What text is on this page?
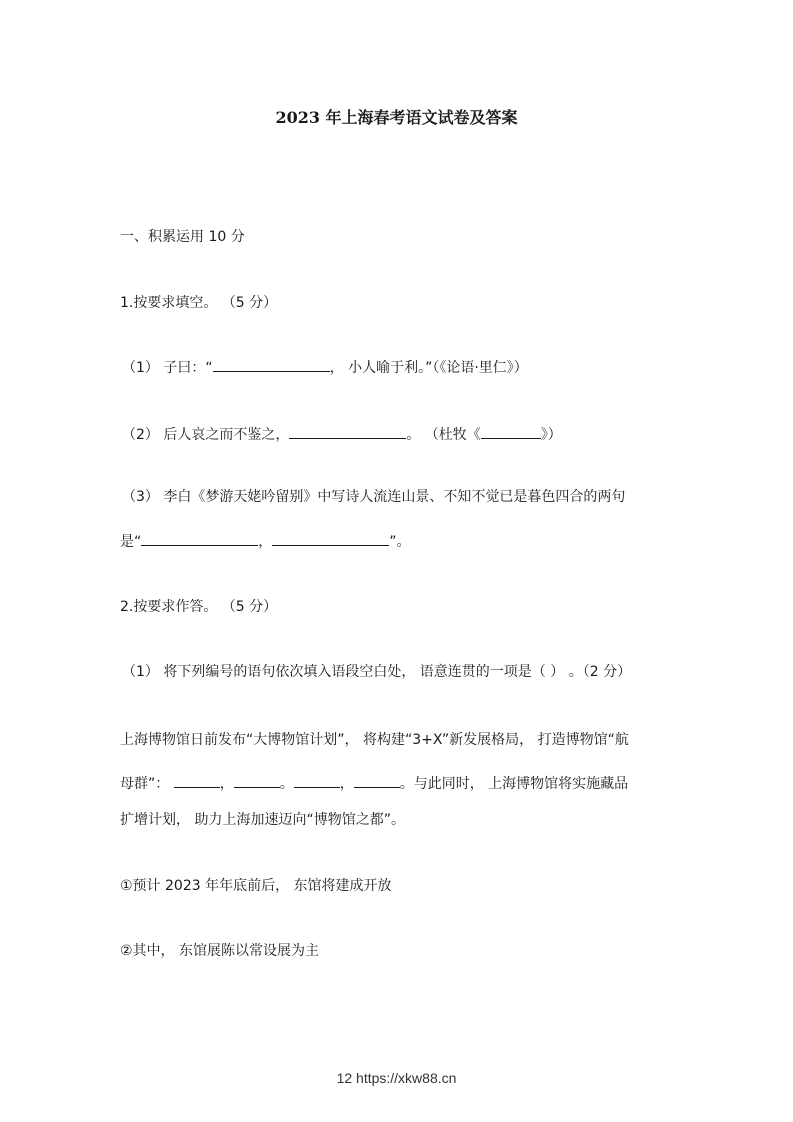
2023 年上海春考语文试卷及答案
一、积累运用 10 分
1.按要求填空。 （5 分）
（1） 子曰：“	， 小人喻于利。”（《论语·里仁》）
（2） 后人哀之而不鉴之，	。 （杜牧《	》）
（3） 李白《梦游天姥吟留别》中写诗人流连山景、不知不觉已是暮色四合的两句
是“	，	”。
2.按要求作答。 （5 分）
（1） 将下列编号的语句依次填入语段空白处， 语意连贯的一项是（ ） 。（2 分）
上海博物馆日前发布“大博物馆计划”， 将构建“3+X”新发展格局， 打造博物馆“航
母群”：	，	。	，	。与此同时， 上海博物馆将实施藏品
扩增计划， 助力上海加速迈向“博物馆之都”。
①预计 2023 年年底前后， 东馆将建成开放
②其中， 东馆展陈以常设展为主
12 https://xkw88.cn
